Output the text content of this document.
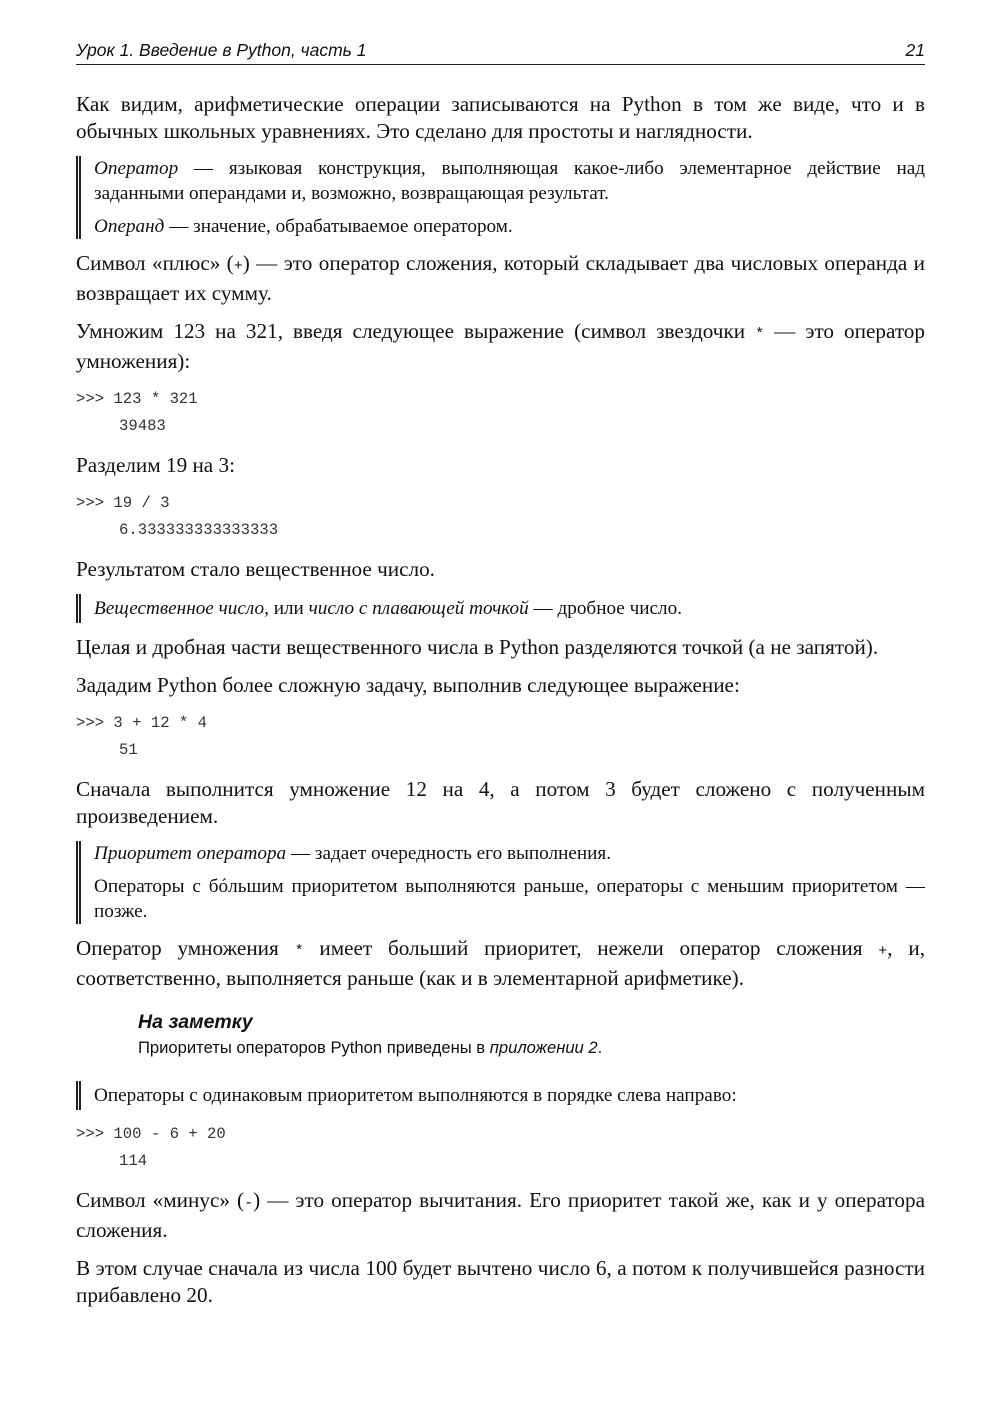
Урок 1. Введение в Python, часть 1	21

Как видим, арифметические операции записываются на Python в том же виде, что и в обычных школьных уравнениях. Это сделано для простоты и наглядности.

Оператор — языковая конструкция, выполняющая какое-либо элементарное действие над заданными операндами и, возможно, возвращающая результат.

Операнд — значение, обрабатываемое оператором.

Символ «плюс» (+) — это оператор сложения, который складывает два числовых операнда и возвращает их сумму.

Умножим 123 на 321, введя следующее выражение (символ звездочки * — это оператор умножения):

>>> 123 * 321
39483

Разделим 19 на 3:

>>> 19 / 3
6.333333333333333

Результатом стало вещественное число.

Вещественное число, или число с плавающей точкой — дробное число.

Целая и дробная части вещественного числа в Python разделяются точкой (а не запятой).

Зададим Python более сложную задачу, выполнив следующее выражение:

>>> 3 + 12 * 4
51

Сначала выполнится умножение 12 на 4, а потом 3 будет сложено с полученным произведением.

Приоритет оператора — задает очередность его выполнения.

Операторы с бóльшим приоритетом выполняются раньше, операторы с меньшим приоритетом — позже.

Оператор умножения * имеет больший приоритет, нежели оператор сложения +, и, соответственно, выполняется раньше (как и в элементарной арифметике).

На заметку
Приоритеты операторов Python приведены в приложении 2.

Операторы с одинаковым приоритетом выполняются в порядке слева направо:

>>> 100 - 6 + 20
114

Символ «минус» (-) — это оператор вычитания. Его приоритет такой же, как и у оператора сложения.

В этом случае сначала из числа 100 будет вычтено число 6, а потом к получившейся разности прибавлено 20.
